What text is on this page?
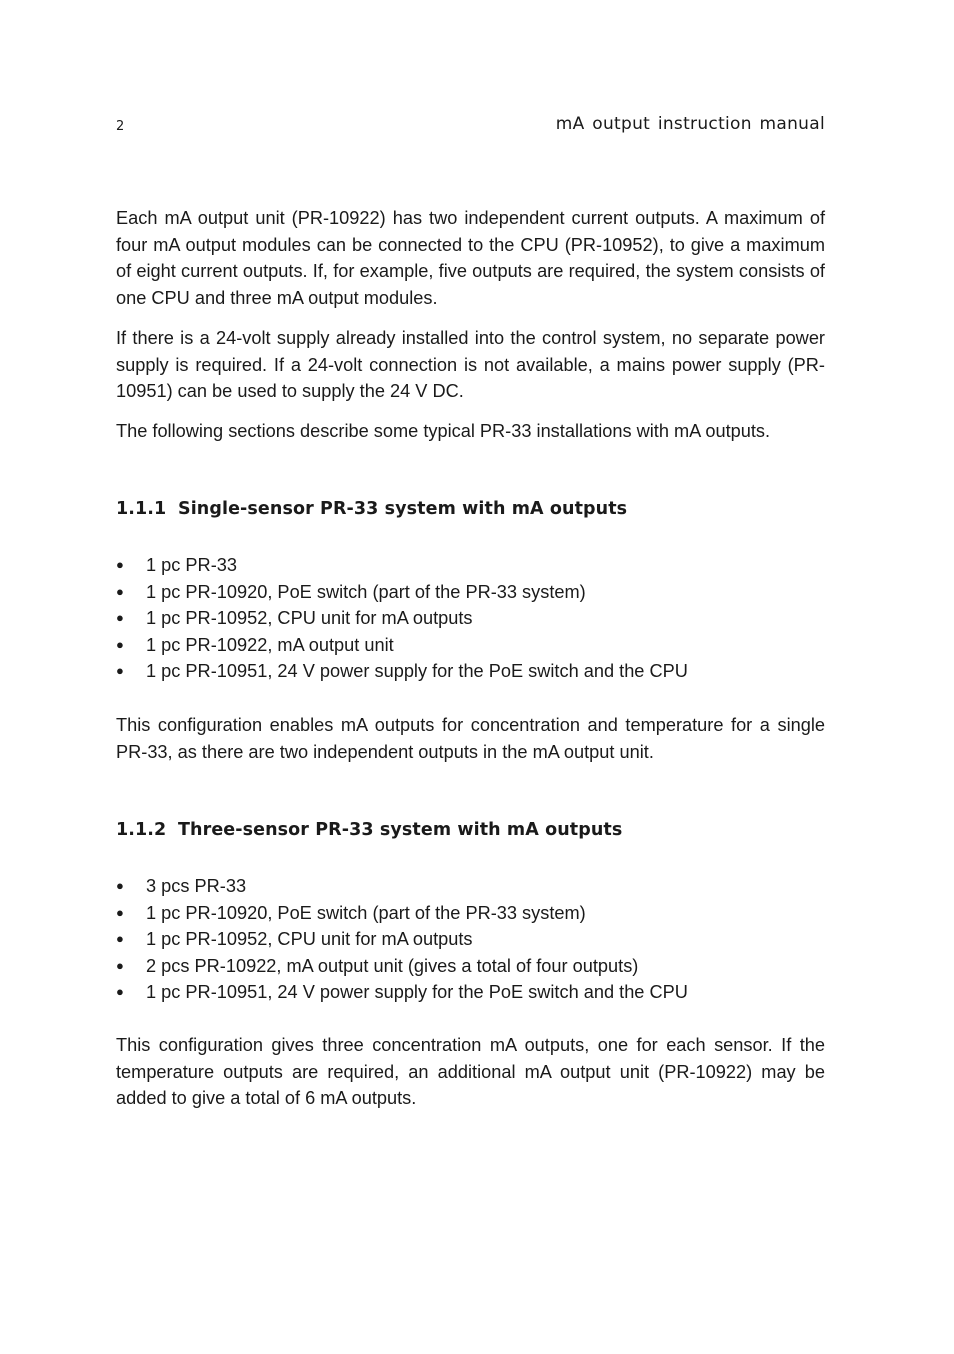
2	mA output instruction manual

Each mA output unit (PR-10922) has two independent current outputs. A maximum of four mA output modules can be connected to the CPU (PR-10952), to give a maximum of eight current outputs. If, for example, five outputs are required, the system consists of one CPU and three mA output modules.

If there is a 24-volt supply already installed into the control system, no separate power supply is required. If a 24-volt connection is not available, a mains power supply (PR-10951) can be used to supply the 24 V DC.

The following sections describe some typical PR-33 installations with mA outputs.

1.1.1 Single-sensor PR-33 system with mA outputs
● 1 pc PR-33
● 1 pc PR-10920, PoE switch (part of the PR-33 system)
● 1 pc PR-10952, CPU unit for mA outputs
● 1 pc PR-10922, mA output unit
● 1 pc PR-10951, 24 V power supply for the PoE switch and the CPU

This configuration enables mA outputs for concentration and temperature for a single PR-33, as there are two independent outputs in the mA output unit.

1.1.2 Three-sensor PR-33 system with mA outputs
● 3 pcs PR-33
● 1 pc PR-10920, PoE switch (part of the PR-33 system)
● 1 pc PR-10952, CPU unit for mA outputs
● 2 pcs PR-10922, mA output unit (gives a total of four outputs)
● 1 pc PR-10951, 24 V power supply for the PoE switch and the CPU

This configuration gives three concentration mA outputs, one for each sensor. If the temperature outputs are required, an additional mA output unit (PR-10922) may be added to give a total of 6 mA outputs.
